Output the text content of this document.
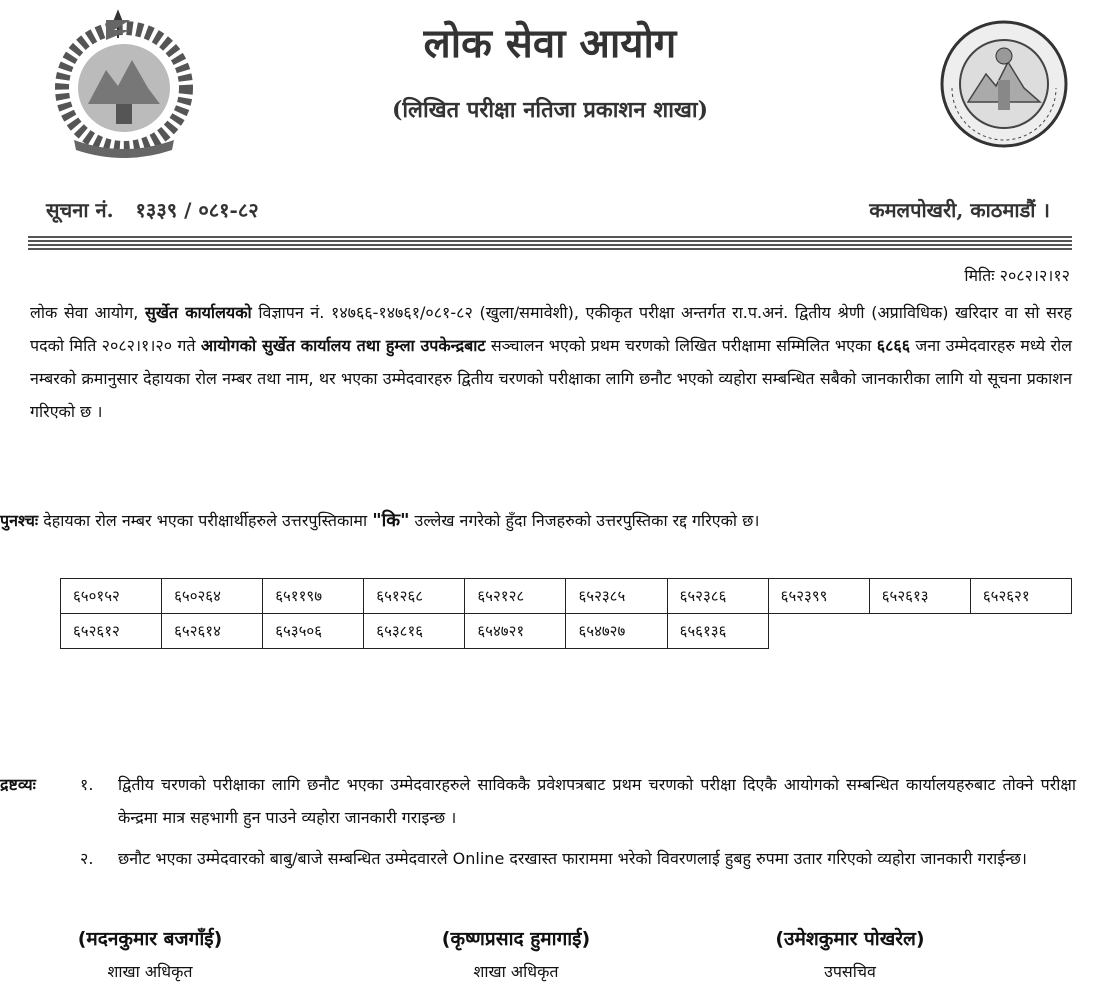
लोक सेवा आयोग
(लिखित परीक्षा नतिजा प्रकाशन शाखा)
सूचना नं. १३३९ / ०८१-८२	कमलपोखरी, काठमाडौं ।
मितिः २०८२।२।१२
लोक सेवा आयोग, सुर्खेत कार्यालयको विज्ञापन नं. १४७६६-१४७६१/०८१-८२ (खुला/समावेशी), एकीकृत परीक्षा अन्तर्गत रा.प.अनं. द्वितीय श्रेणी (अप्राविधिक) खरिदार वा सो सरह पदको मिति २०८२।१।२० गते आयोगको सुर्खेत कार्यालय तथा हुम्ला उपकेन्द्रबाट सञ्चालन भएको प्रथम चरणको लिखित परीक्षामा सम्मिलित भएका ६८६६ जना उम्मेदवारहरु मध्ये रोल नम्बरको क्रमानुसार देहायका रोल नम्बर तथा नाम, थर भएका उम्मेदवारहरु द्वितीय चरणको परीक्षाका लागि छनौट भएको व्यहोरा सम्बन्धित सबैको जानकारीका लागि यो सूचना प्रकाशन गरिएको छ ।
पुनश्चः देहायका रोल नम्बर भएका परीक्षार्थीहरुले उत्तरपुस्तिकामा "कि" उल्लेख नगरेको हुँदा निजहरुको उत्तरपुस्तिका रद्द गरिएको छ।
६५०१५२	६५०२६४	६५११९७	६५१२६८	६५२१२८	६५२३८५	६५२३८६	६५२३९९	६५२६१३	६५२६२१
६५२६१२	६५२६१४	६५३५०६	६५३८१६	६५४७२१	६५४७२७	६५६१३६			
द्रष्टव्यः	१. द्वितीय चरणको परीक्षाका लागि छनौट भएका उम्मेदवारहरुले साविककै प्रवेशपत्रबाट प्रथम चरणको परीक्षा दिएकै आयोगको सम्बन्धित कार्यालयहरुबाट तोक्ने परीक्षा केन्द्रमा मात्र सहभागी हुन पाउने व्यहोरा जानकारी गराइन्छ ।
२. छनौट भएका उम्मेदवारको बाबु/बाजे सम्बन्धित उम्मेदवारले Online दरखास्त फाराममा भरेको विवरणलाई हुबहु रुपमा उतार गरिएको व्यहोरा जानकारी गराईन्छ।
(मदनकुमार बजगाँई)
शाखा अधिकृत
(कृष्णप्रसाद हुमागाई)
शाखा अधिकृत
(उमेशकुमार पोखरेल)
उपसचिव
